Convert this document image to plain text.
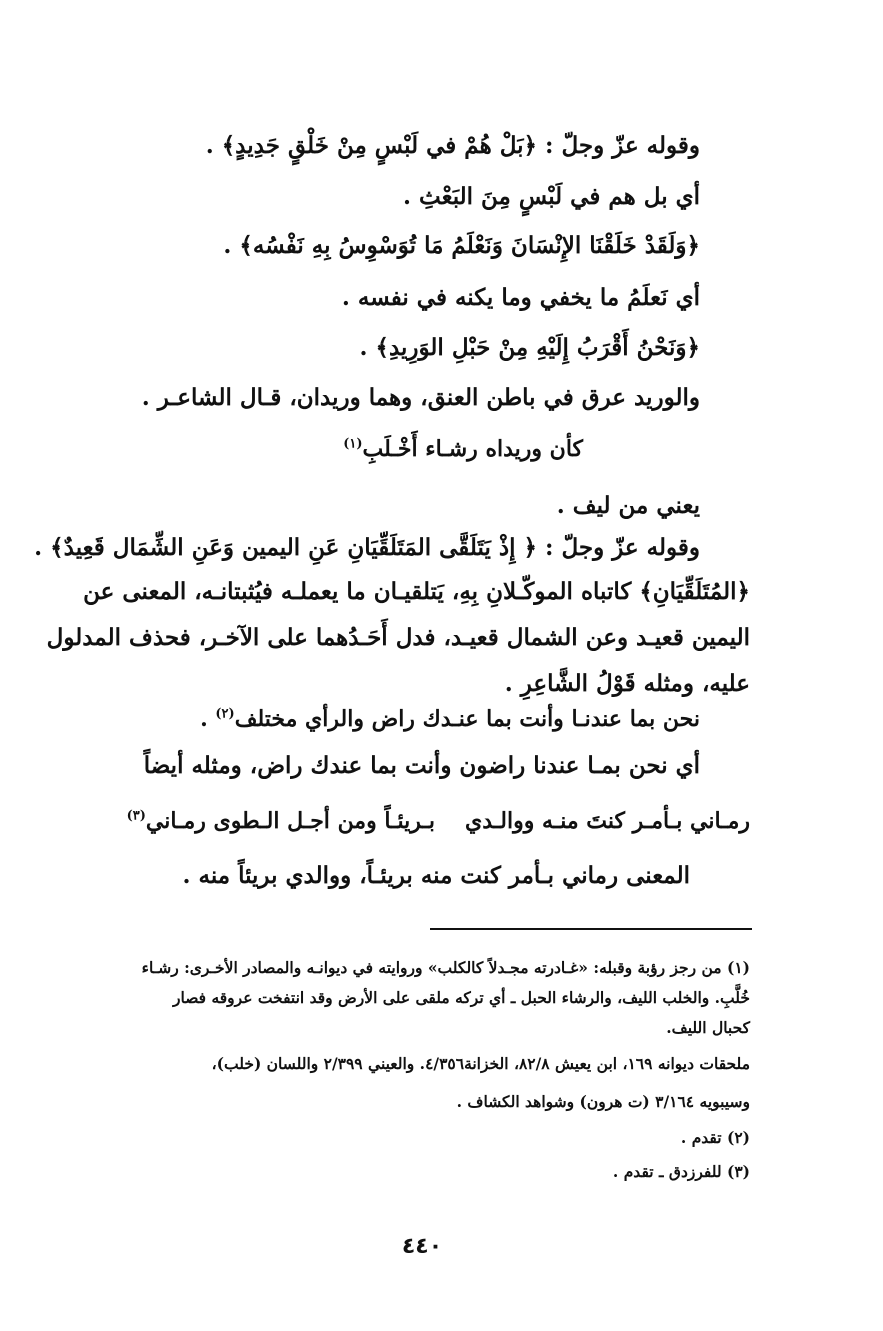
وقوله عزّ وجلّ : ﴿بَلْ هُمْ في لَبْسٍ مِنْ خَلْقٍ جَدِيدٍ﴾ .
أي بل هم في لَبْسٍ مِنَ البَعْثِ .
﴿وَلَقَدْ خَلَقْنَا الإِنْسَانَ وَنَعْلَمُ مَا تُوَسْوِسُ بِهِ نَفْسُه﴾ .
أي نَعلَمُ ما يخفي وما يكنه في نفسه .
﴿وَنَحْنُ أَقْرَبُ إِلَيْهِ مِنْ حَبْلِ الوَرِيدِ﴾ .
والوريد عرق في باطن العنق، وهما وريدان، قـال الشاعـر .
كأن وريداه رشـاء أَخْـلَبِ$^{(١)}$
يعني من ليف .
وقوله عزّ وجلّ : ﴿ إِذْ يَتَلَقَّى المَتَلَقِّيَانِ عَنِ اليمين وَعَنِ الشِّمَال قَعِيدٌ﴾ .
﴿المُتَلَقِّيَانِ﴾ كاتباه الموكّـلانِ بِهِ، يَتلقيـان ما يعملـه فيُثبتانـه، المعنى عن
اليمين قعيـد وعن الشمال قعيـد، فدل أَحَـدُهما على الآخـر، فحذف المدلول
عليه، ومثله قَوْلُ الشَّاعِرِ .
نحن بما عندنـا وأنت بما عنـدك راض والرأي مختلف$^{(٢)}$ .
أي نحن بمـا عندنا راضون وأنت بما عندك راض، ومثله أيضاً
رمـاني بـأمـر كنتَ منـه ووالـدي
بـريئـاً ومن أجـل الـطوى رمـاني$^{(٣)}$
المعنى رماني بـأمر كنت منه بريئـاً، ووالدي بريئاً منه .
(١) من رجز رؤبة وقبله: «غـادرته مجـدلاً كالكلب» وروايته في ديوانـه والمصادر الأخـرى: رشـاء
خُلَّبِ. والخلب الليف، والرشاء الحبل ـ أي تركه ملقى على الأرض وقد انتفخت عروقه فصار
كحبال الليف.
ملحقات ديوانه ١٦٩، ابن يعيش ٨٢/٨، الخزانة٤/٣٥٦. والعيني ٢/٣٩٩ واللسان (خلب)،
وسيبويه ٣/١٦٤ (ت هرون) وشواهد الكشاف .
(٢) تقدم .
(٣) للفرزدق ـ تقدم .
٤٤٠
